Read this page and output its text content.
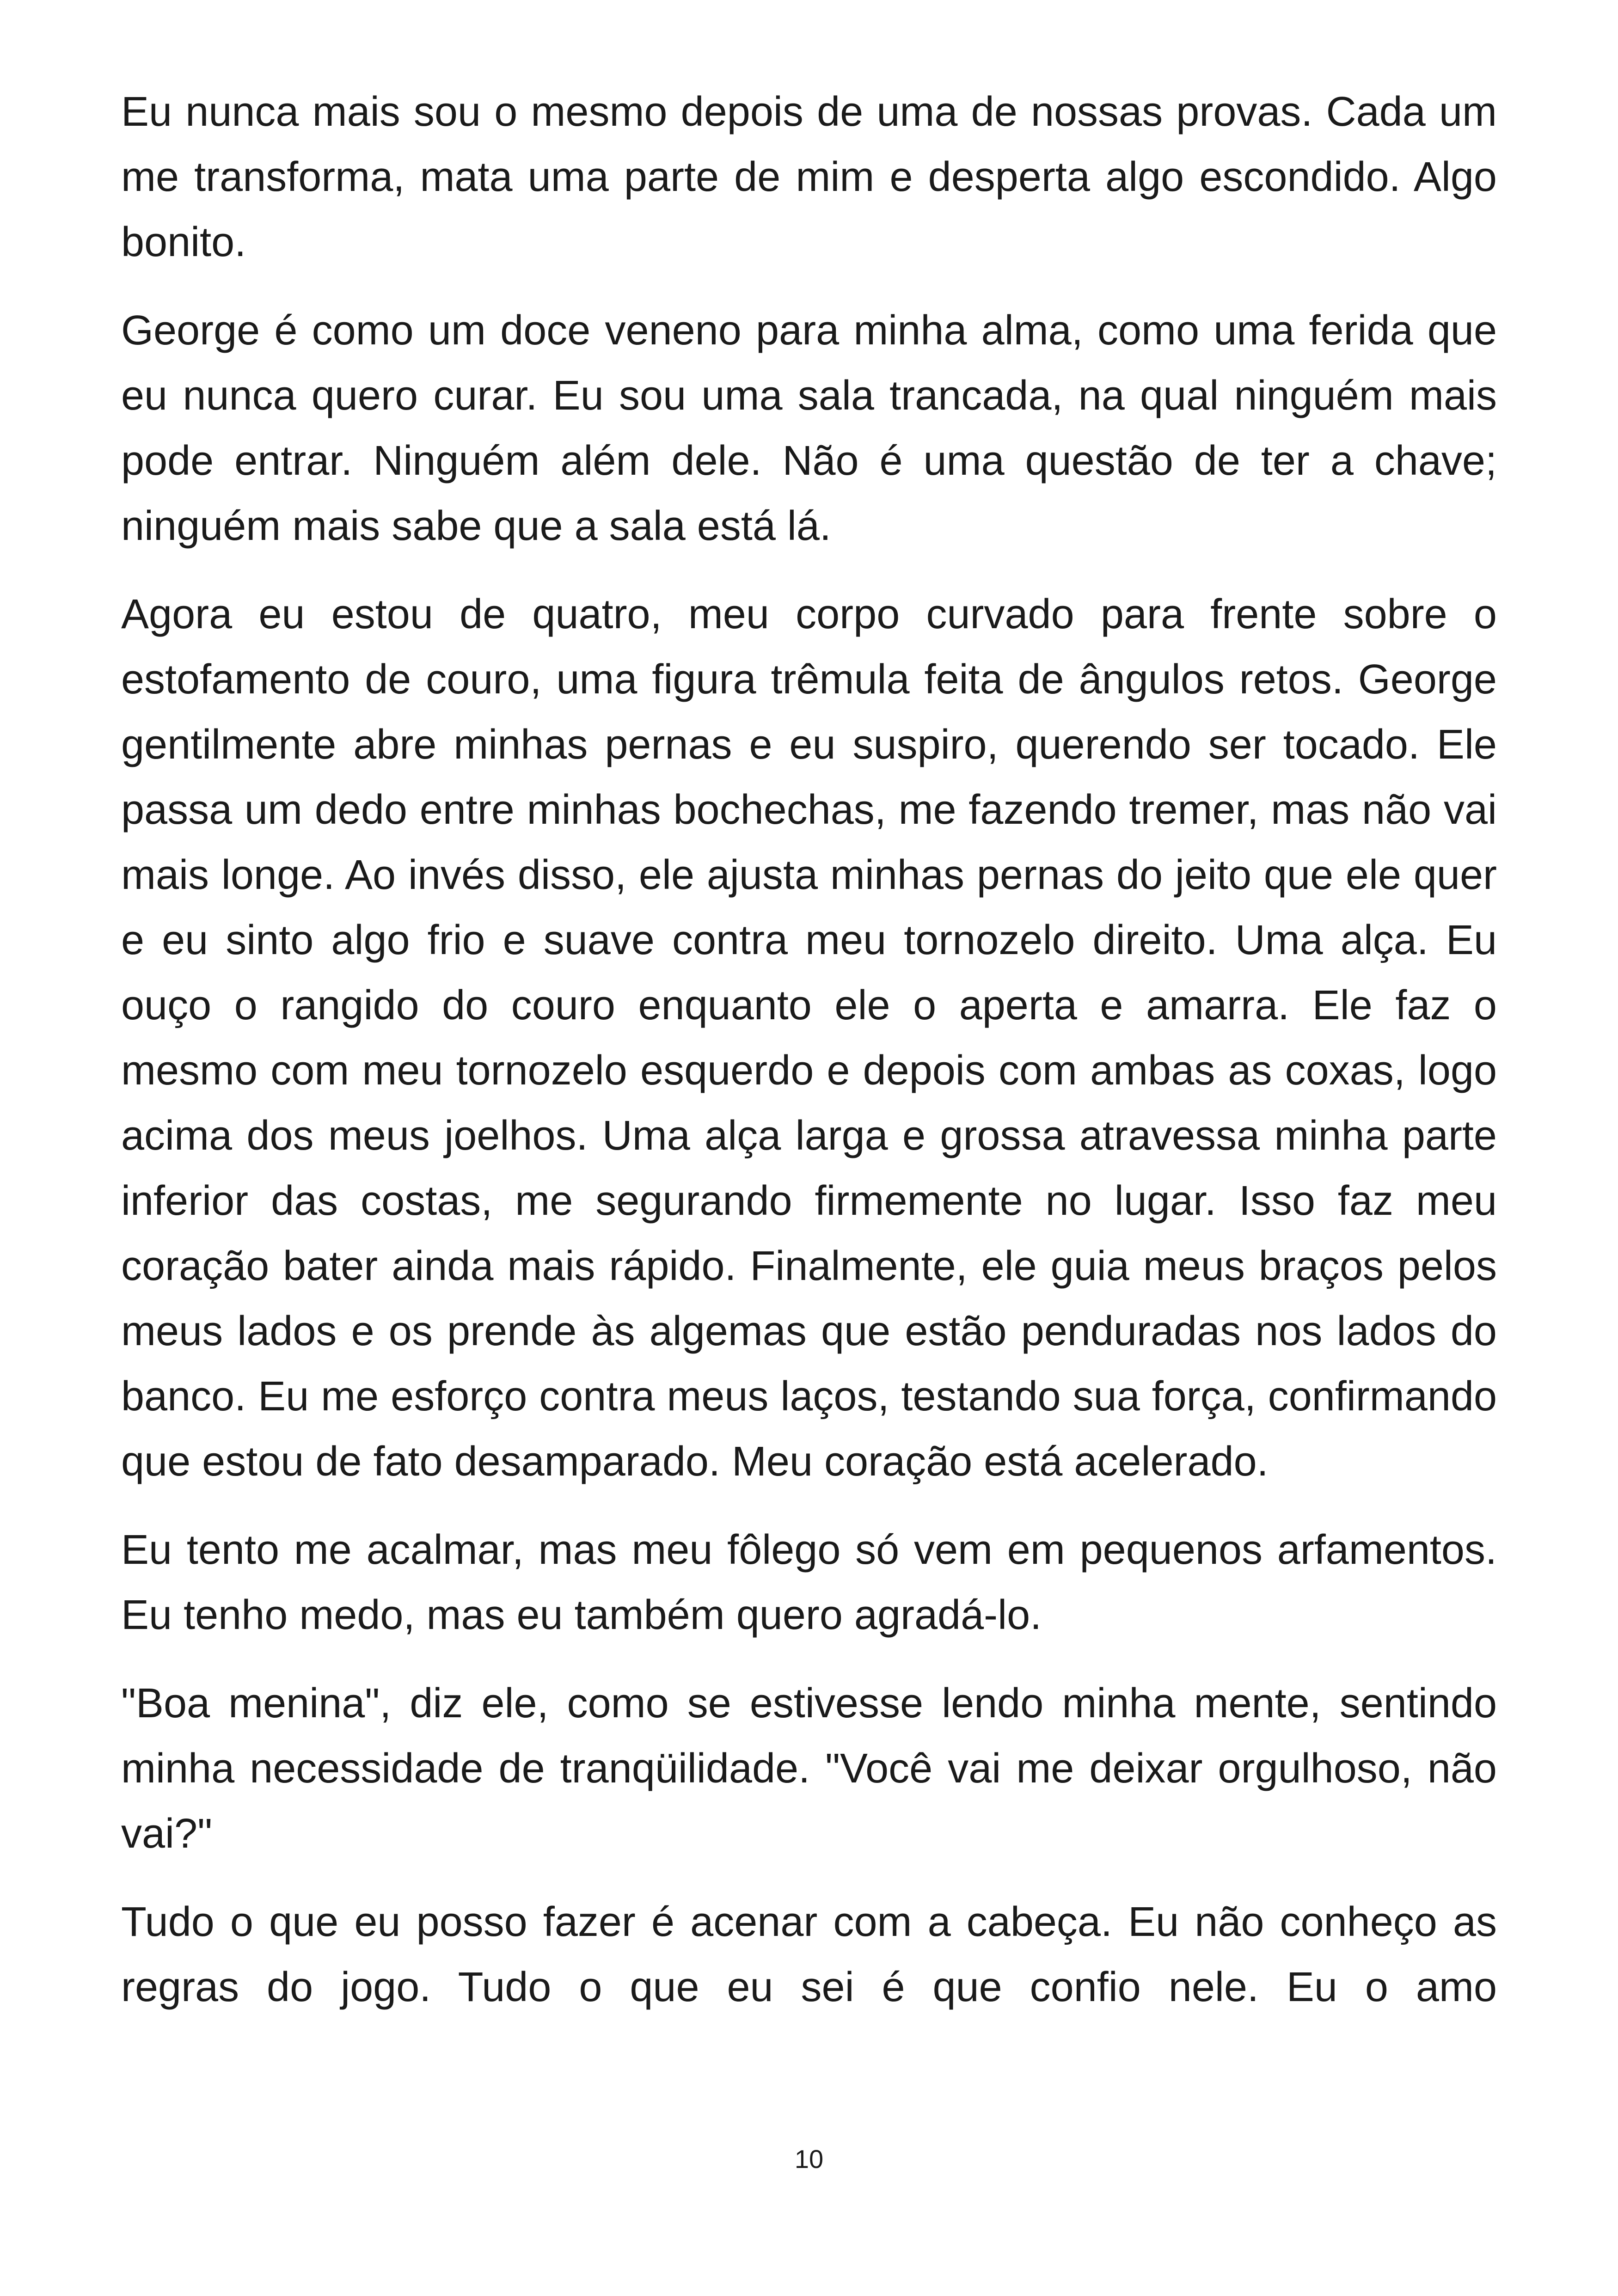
Eu nunca mais sou o mesmo depois de uma de nossas provas. Cada um me transforma, mata uma parte de mim e desperta algo escondido. Algo bonito.

George é como um doce veneno para minha alma, como uma ferida que eu nunca quero curar. Eu sou uma sala trancada, na qual ninguém mais pode entrar. Ninguém além dele. Não é uma questão de ter a chave; ninguém mais sabe que a sala está lá.

Agora eu estou de quatro, meu corpo curvado para frente sobre o estofamento de couro, uma figura trêmula feita de ângulos retos. George gentilmente abre minhas pernas e eu suspiro, querendo ser tocado. Ele passa um dedo entre minhas bochechas, me fazendo tremer, mas não vai mais longe. Ao invés disso, ele ajusta minhas pernas do jeito que ele quer e eu sinto algo frio e suave contra meu tornozelo direito. Uma alça. Eu ouço o rangido do couro enquanto ele o aperta e amarra. Ele faz o mesmo com meu tornozelo esquerdo e depois com ambas as coxas, logo acima dos meus joelhos. Uma alça larga e grossa atravessa minha parte inferior das costas, me segurando firmemente no lugar. Isso faz meu coração bater ainda mais rápido. Finalmente, ele guia meus braços pelos meus lados e os prende às algemas que estão penduradas nos lados do banco. Eu me esforço contra meus laços, testando sua força, confirmando que estou de fato desamparado. Meu coração está acelerado.

Eu tento me acalmar, mas meu fôlego só vem em pequenos arfamentos. Eu tenho medo, mas eu também quero agradá-lo.

"Boa menina", diz ele, como se estivesse lendo minha mente, sentindo minha necessidade de tranqüilidade. "Você vai me deixar orgulhoso, não vai?"

Tudo o que eu posso fazer é acenar com a cabeça. Eu não conheço as regras do jogo. Tudo o que eu sei é que confio nele. Eu o amo

10
